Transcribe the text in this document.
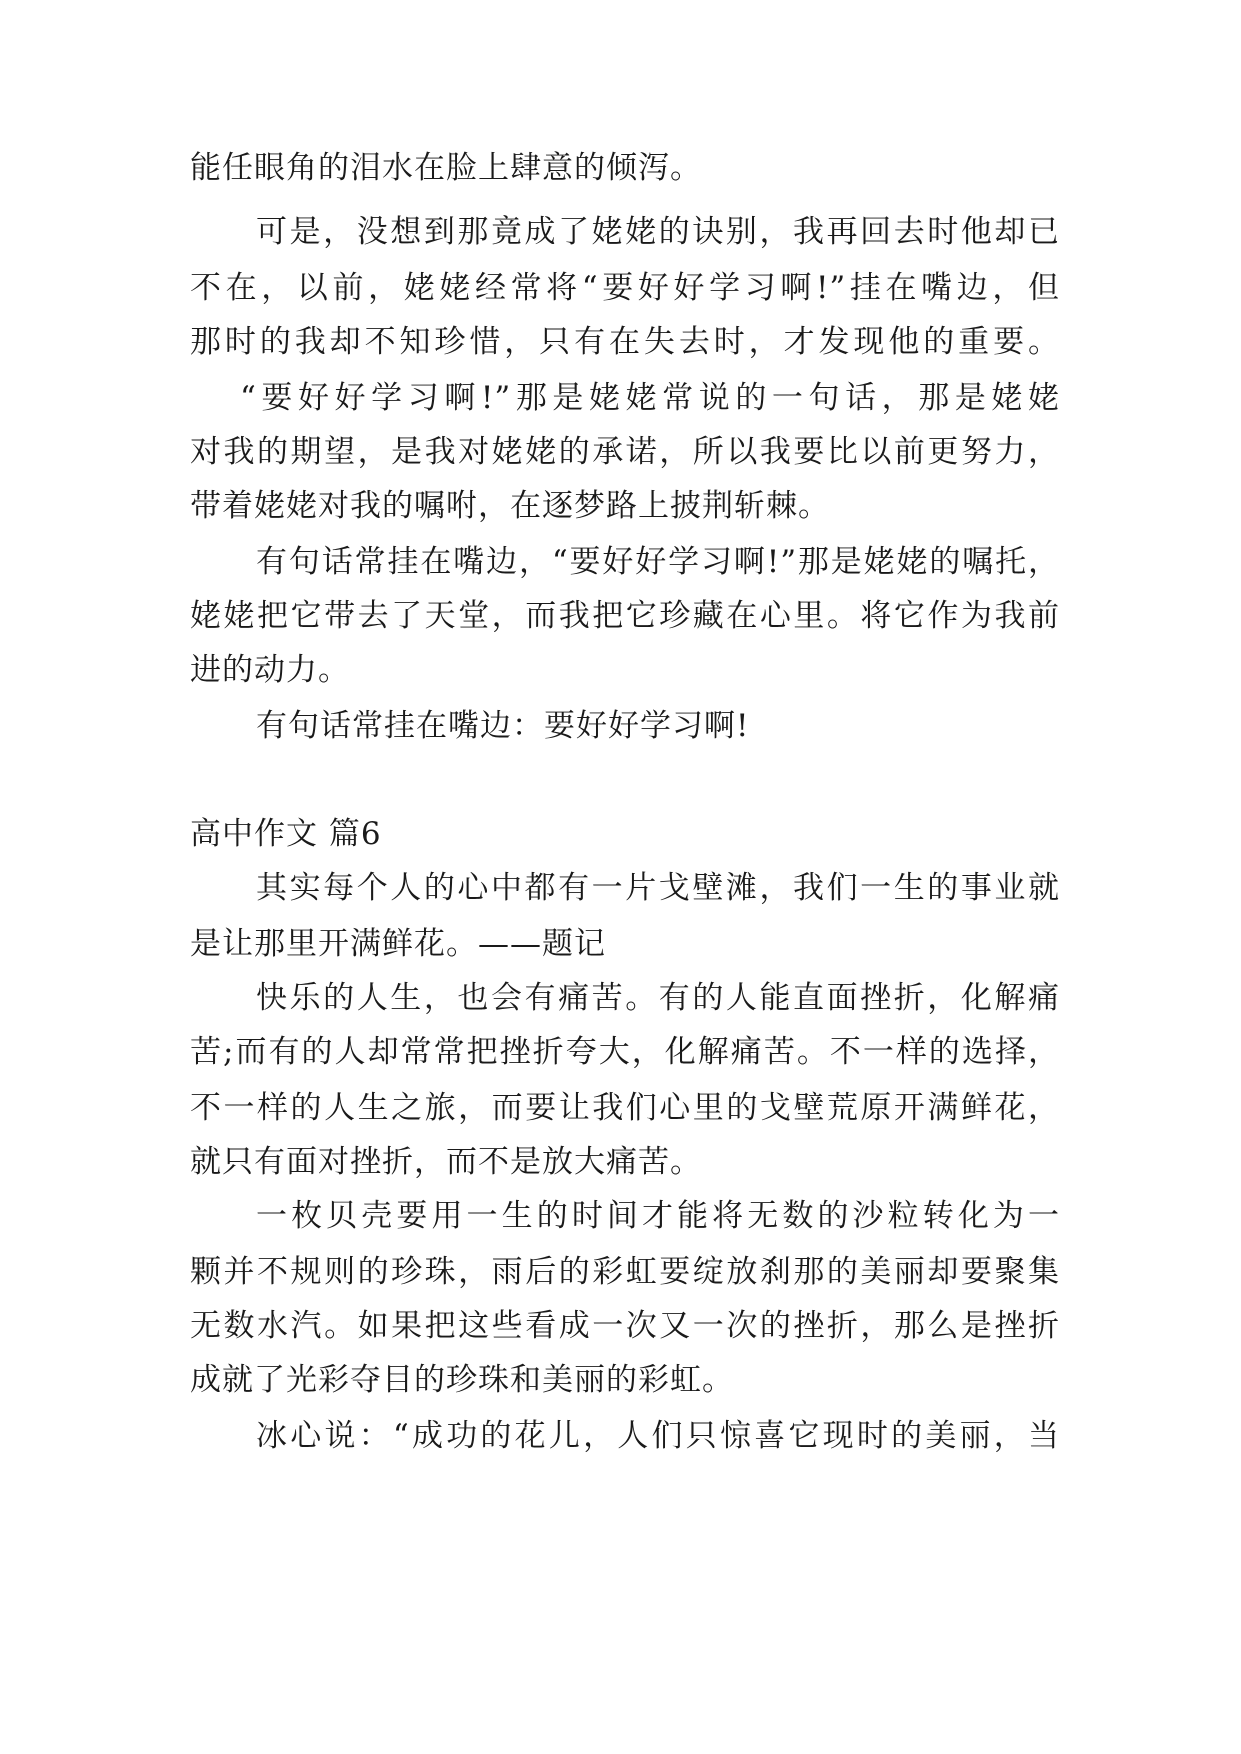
能任眼角的泪水在脸上肆意的倾泻。
可是，没想到那竟成了姥姥的诀别，我再回去时他却已
不在，以前，姥姥经常将“要好好学习啊!”挂在嘴边，但
那时的我却不知珍惜，只有在失去时，才发现他的重要。
“要好好学习啊!”那是姥姥常说的一句话，那是姥姥
对我的期望，是我对姥姥的承诺，所以我要比以前更努力，
带着姥姥对我的嘱咐，在逐梦路上披荆斩棘。
有句话常挂在嘴边，“要好好学习啊!”那是姥姥的嘱托，
姥姥把它带去了天堂，而我把它珍藏在心里。将它作为我前
进的动力。
有句话常挂在嘴边：要好好学习啊!
高中作文 篇6
其实每个人的心中都有一片戈壁滩，我们一生的事业就
是让那里开满鲜花。——题记
快乐的人生，也会有痛苦。有的人能直面挫折，化解痛
苦;而有的人却常常把挫折夸大，化解痛苦。不一样的选择，
不一样的人生之旅，而要让我们心里的戈壁荒原开满鲜花，
就只有面对挫折，而不是放大痛苦。
一枚贝壳要用一生的时间才能将无数的沙粒转化为一
颗并不规则的珍珠，雨后的彩虹要绽放刹那的美丽却要聚集
无数水汽。如果把这些看成一次又一次的挫折，那么是挫折
成就了光彩夺目的珍珠和美丽的彩虹。
冰心说：“成功的花儿，人们只惊喜它现时的美丽，当
